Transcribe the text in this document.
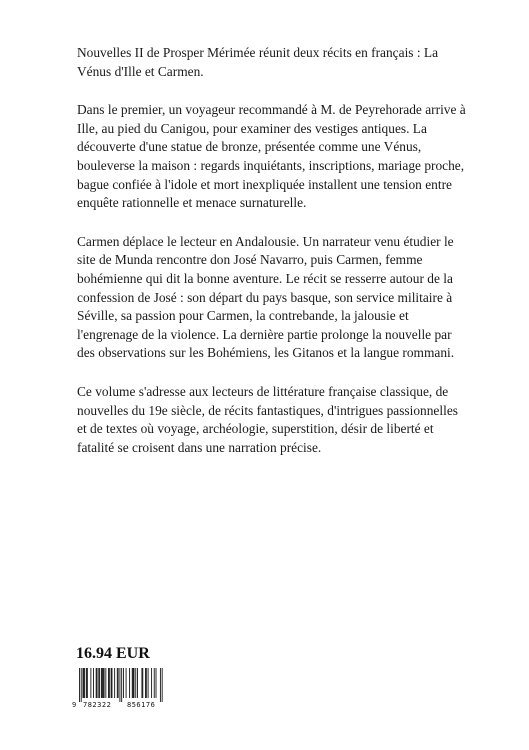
Nouvelles II de Prosper Mérimée réunit deux récits en français : La Vénus d'Ille et Carmen.

Dans le premier, un voyageur recommandé à M. de Peyrehorade arrive à Ille, au pied du Canigou, pour examiner des vestiges antiques. La découverte d'une statue de bronze, présentée comme une Vénus, bouleverse la maison : regards inquiétants, inscriptions, mariage proche, bague confiée à l'idole et mort inexpliquée installent une tension entre enquête rationnelle et menace surnaturelle.

Carmen déplace le lecteur en Andalousie. Un narrateur venu étudier le site de Munda rencontre don José Navarro, puis Carmen, femme bohémienne qui dit la bonne aventure. Le récit se resserre autour de la confession de José : son départ du pays basque, son service militaire à Séville, sa passion pour Carmen, la contrebande, la jalousie et l'engrenage de la violence. La dernière partie prolonge la nouvelle par des observations sur les Bohémiens, les Gitanos et la langue rommani.

Ce volume s'adresse aux lecteurs de littérature française classique, de nouvelles du 19e siècle, de récits fantastiques, d'intrigues passionnelles et de textes où voyage, archéologie, superstition, désir de liberté et fatalité se croisent dans une narration précise.

16.94 EUR
9 782322 856176
